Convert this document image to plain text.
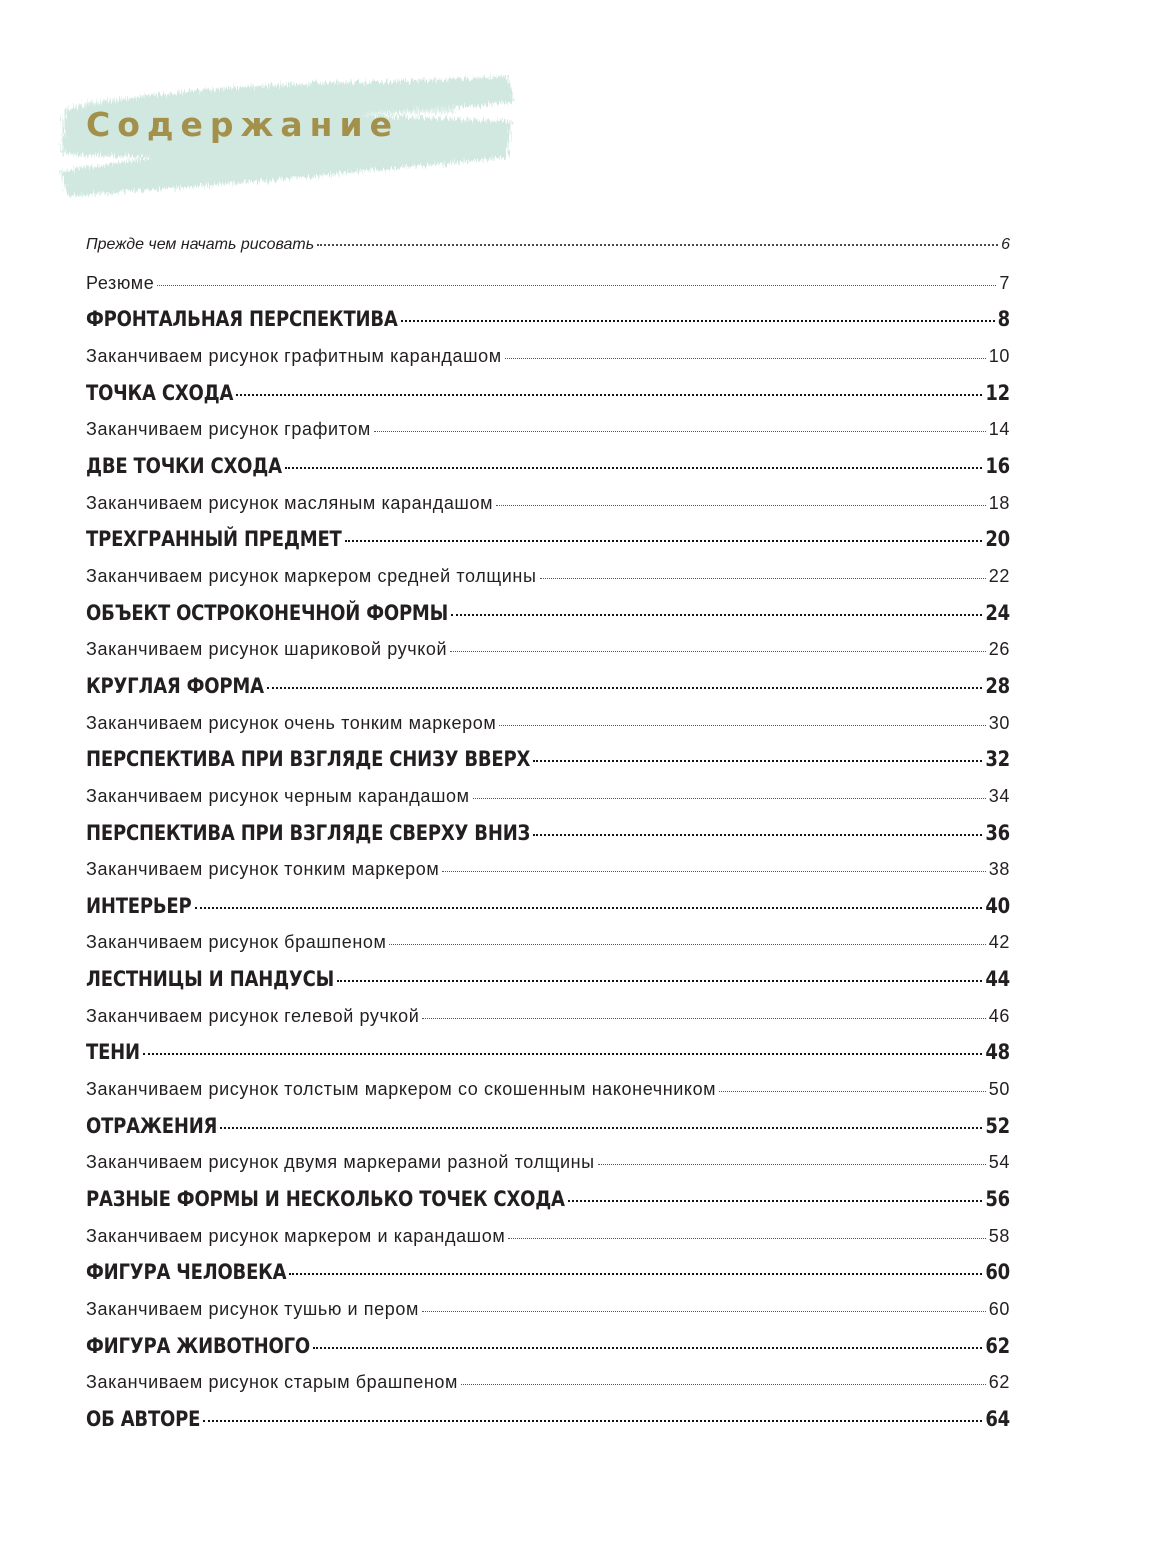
Содержание
Прежде чем начать рисовать	6
Резюме	7
ФРОНТАЛЬНАЯ ПЕРСПЕКТИВА	8
Заканчиваем рисунок графитным карандашом	10
ТОЧКА СХОДА	12
Заканчиваем рисунок графитом	14
ДВЕ ТОЧКИ СХОДА	16
Заканчиваем рисунок масляным карандашом	18
ТРЕХГРАННЫЙ ПРЕДМЕТ	20
Заканчиваем рисунок маркером средней толщины	22
ОБЪЕКТ ОСТРОКОНЕЧНОЙ ФОРМЫ	24
Заканчиваем рисунок шариковой ручкой	26
КРУГЛАЯ ФОРМА	28
Заканчиваем рисунок очень тонким маркером	30
ПЕРСПЕКТИВА ПРИ ВЗГЛЯДЕ СНИЗУ ВВЕРХ	32
Заканчиваем рисунок черным карандашом	34
ПЕРСПЕКТИВА ПРИ ВЗГЛЯДЕ СВЕРХУ ВНИЗ	36
Заканчиваем рисунок тонким маркером	38
ИНТЕРЬЕР	40
Заканчиваем рисунок брашпеном	42
ЛЕСТНИЦЫ И ПАНДУСЫ	44
Заканчиваем рисунок гелевой ручкой	46
ТЕНИ	48
Заканчиваем рисунок толстым маркером со скошенным наконечником	50
ОТРАЖЕНИЯ	52
Заканчиваем рисунок двумя маркерами разной толщины	54
РАЗНЫЕ ФОРМЫ И НЕСКОЛЬКО ТОЧЕК СХОДА	56
Заканчиваем рисунок маркером и карандашом	58
ФИГУРА ЧЕЛОВЕКА	60
Заканчиваем рисунок тушью и пером	60
ФИГУРА ЖИВОТНОГО	62
Заканчиваем рисунок старым брашпеном	62
ОБ АВТОРЕ	64
